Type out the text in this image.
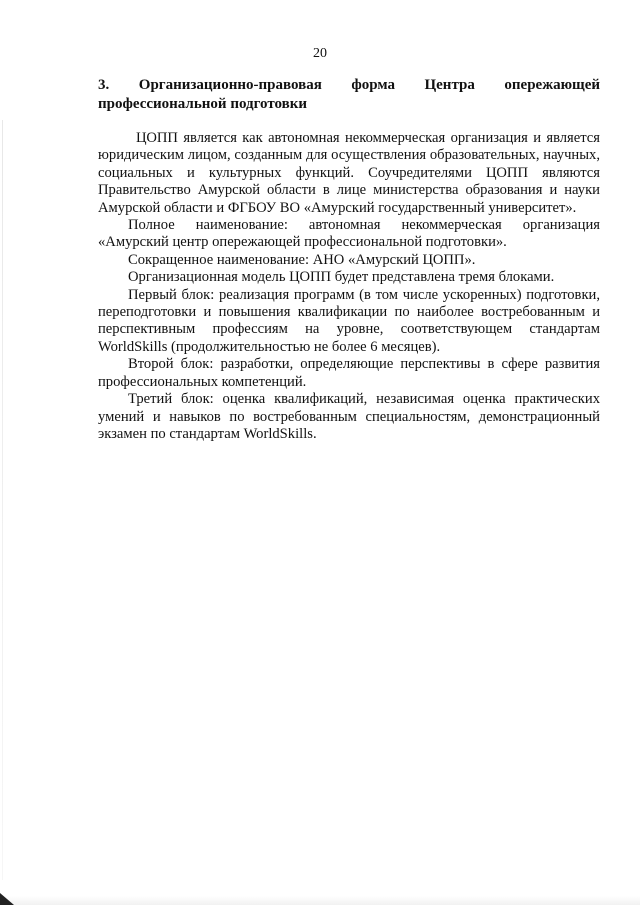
20
3. Организационно-правовая форма Центра опережающей
профессиональной подготовки

ЦОПП является как автономная некоммерческая организация и является юридическим лицом, созданным для осуществления образовательных, научных, социальных и культурных функций. Соучредителями ЦОПП являются Правительство Амурской области в лице министерства образования и науки Амурской области и ФГБОУ ВО «Амурский государственный университет».

Полное наименование: автономная некоммерческая организация «Амурский центр опережающей профессиональной подготовки».

Сокращенное наименование: АНО «Амурский ЦОПП».

Организационная модель ЦОПП будет представлена тремя блоками.

Первый блок: реализация программ (в том числе ускоренных) подготовки, переподготовки и повышения квалификации по наиболее востребованным и перспективным профессиям на уровне, соответствующем стандартам WorldSkills (продолжительностью не более 6 месяцев).

Второй блок: разработки, определяющие перспективы в сфере развития профессиональных компетенций.

Третий блок: оценка квалификаций, независимая оценка практических умений и навыков по востребованным специальностям, демонстрационный экзамен по стандартам WorldSkills.
